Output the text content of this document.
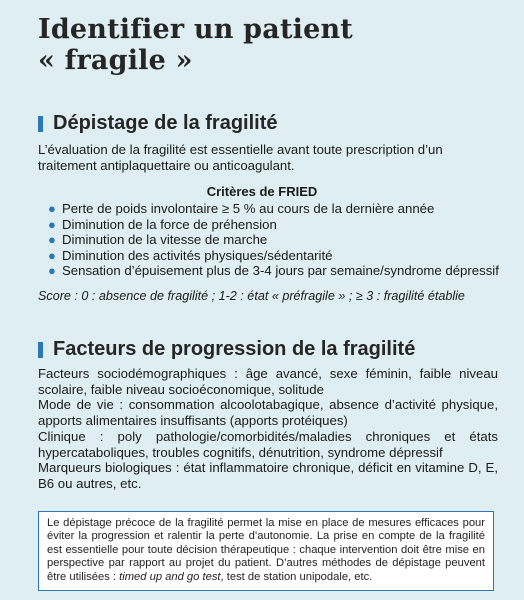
Identifier un patient
« fragile »
Dépistage de la fragilité

L’évaluation de la fragilité est essentielle avant toute prescription d’un traitement antiplaquettaire ou anticoagulant.

Critères de FRIED

● Perte de poids involontaire ≥ 5 % au cours de la dernière année
● Diminution de la force de préhension
● Diminution de la vitesse de marche
● Diminution des activités physiques/sédentarité
● Sensation d’épuisement plus de 3-4 jours par semaine/syndrome dépressif

Score : 0 : absence de fragilité ; 1-2 : état « préfragile » ; ≥ 3 : fragilité établie

Facteurs de progression de la fragilité

Facteurs sociodémographiques : âge avancé, sexe féminin, faible niveau scolaire, faible niveau socioéconomique, solitude

Mode de vie : consommation alcoolotabagique, absence d’activité physique, apports alimentaires insuffisants (apports protéiques)

Clinique : poly pathologie/comorbidités/maladies chroniques et états hypercataboliques, troubles cognitifs, dénutrition, syndrome dépressif

Marqueurs biologiques : état inflammatoire chronique, déficit en vitamine D, E, B6 ou autres, etc.

Le dépistage précoce de la fragilité permet la mise en place de mesures efficaces pour éviter la progression et ralentir la perte d’autonomie. La prise en compte de la fragilité est essentielle pour toute décision thérapeutique : chaque intervention doit être mise en perspective par rapport au projet du patient. D’autres méthodes de dépistage peuvent être utilisées : timed up and go test, test de station unipodale, etc.
